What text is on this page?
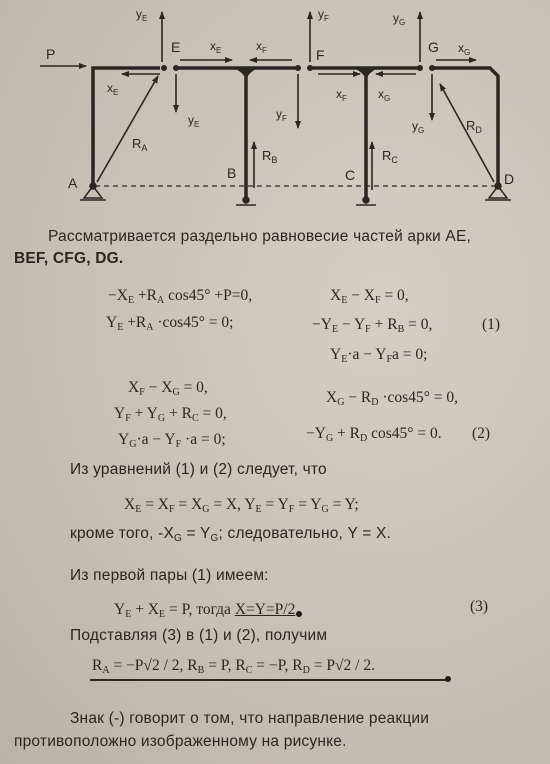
P	E	F	G
A
B	C	D
$y_E$
$x_E$
$y_E$
$x_E$	$x_F$
$y_F$
$y_F$
$x_F$	$x_G$
$y_G$
$y_G$
$x_G$
$R_A$	$R_B$	$R_C$
$R_D$
Рассматривается раздельно равновесие частей арки АЕ,
BEF, CFG, DG.
$-X_E +R_A$ cos45° +P=0,
$Y_E +R_A \cdot\cos 45^\circ = 0$;
$X_E - X_F = 0$,
$-Y_E - Y_F + R_B = 0$,	(1)
$Y_E\cdot a - Y_Fa = 0$;
$X_F - X_G = 0$,
$Y_F + Y_G + R_C = 0$,
$Y_G\cdot a - Y_F \cdot a = 0$;
$X_G - R_D \cdot\cos 45^\circ = 0$,
$-Y_G + R_D$ cos45° = 0. (2)
Из уравнений (1) и (2) следует, что
$X_E = X_F = X_G = X$, $Y_E = Y_F = Y_G = Y$;
кроме того, $-X_G = Y_G$; следовательно, Y = X.
Из первой пары (1) имеем:
$Y_E + X_E = P$, тогда X=Y=P/2	(3)
Подставляя (3) в (1) и (2), получим
$R_A = -P√2 / 2$, $R_B = P$, $R_C = -P$, $R_D = P√2 / 2$.
Знак (-) говорит о том, что направление реакции
противоположно изображенному на рисунке.
